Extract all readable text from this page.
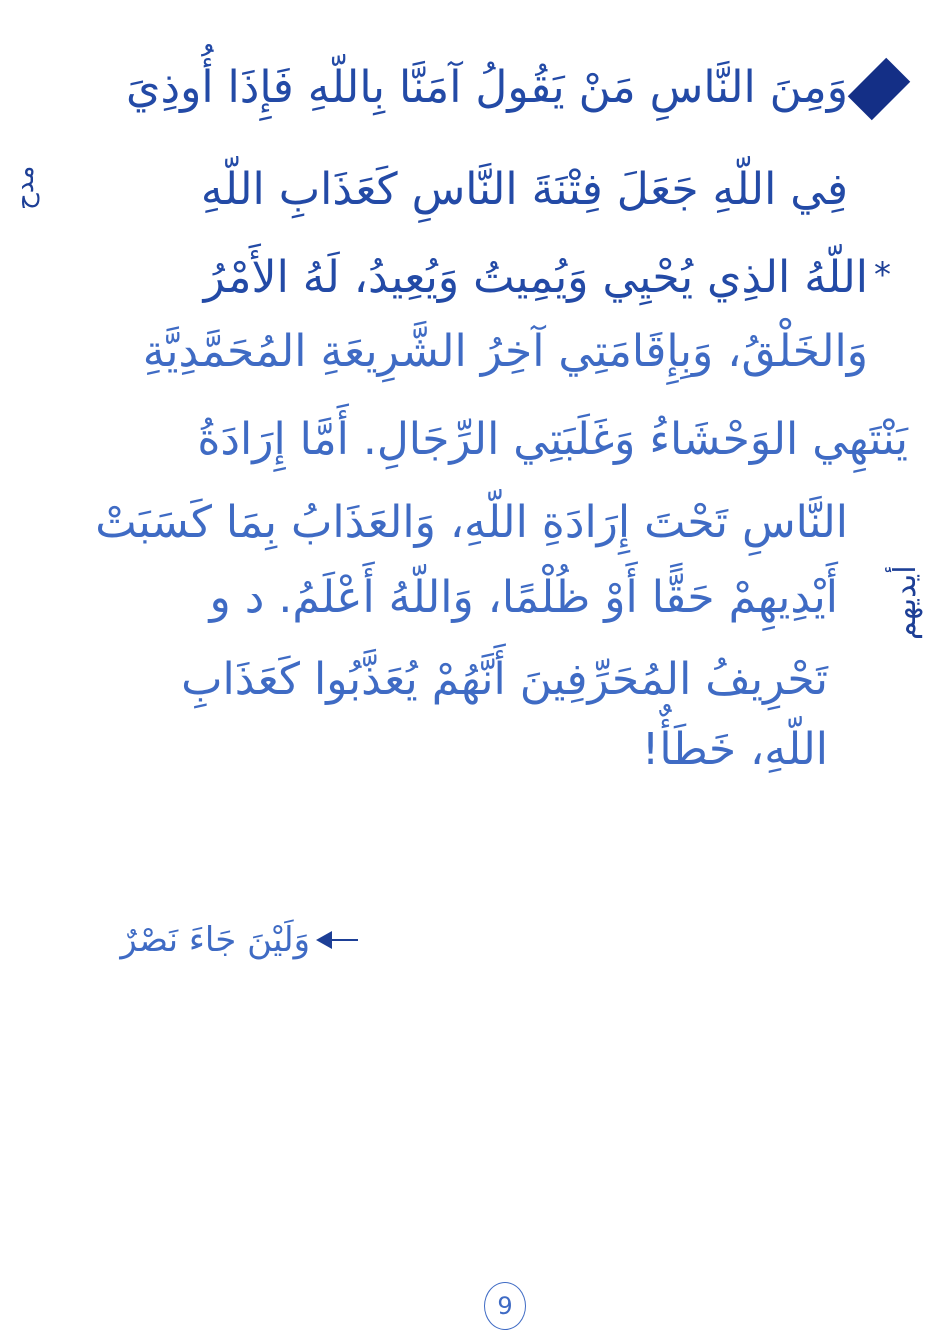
مدح
وَمِنَ النَّاسِ مَنْ يَقُولُ آمَنَّا بِاللّهِ فَإِذَا أُوذِيَ
فِي اللّهِ جَعَلَ فِتْنَةَ النَّاسِ كَعَذَابِ اللّهِ
*
اللّهُ الذِي يُحْيِي وَيُمِيتُ وَيُعِيدُ، لَهُ الأَمْرُ
وَالخَلْقُ، وَبِإِقَامَتِي آخِرُ الشَّرِيعَةِ المُحَمَّدِيَّةِ
يَنْتَهِي الوَحْشَاءُ وَغَلَبَتِي الرِّجَالِ. أَمَّا إِرَادَةُ
النَّاسِ تَحْتَ إِرَادَةِ اللّهِ، وَالعَذَابُ بِمَا كَسَبَتْ
أيديهم
أَيْدِيهِمْ حَقًّا أَوْ ظُلْمًا، وَاللّهُ أَعْلَمُ. د و
تَحْرِيفُ المُحَرِّفِينَ أَنَّهُمْ يُعَذَّبُوا كَعَذَابِ
اللّهِ، خَطَأٌ!
وَلَيْنَ جَاءَ نَصْرٌ
9
